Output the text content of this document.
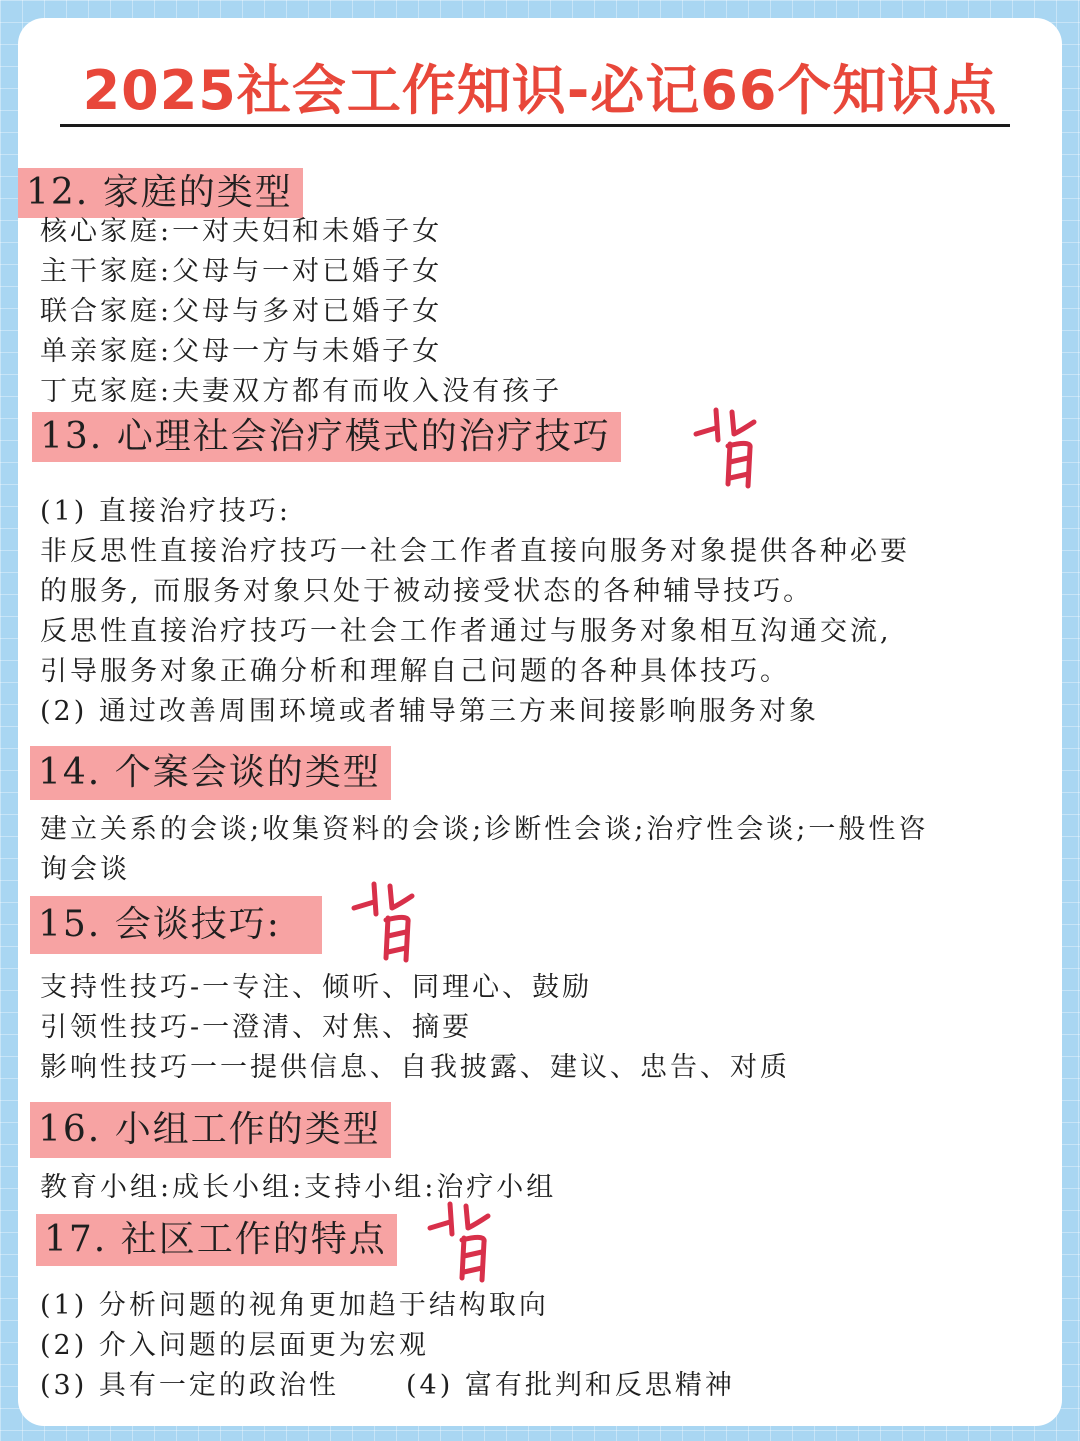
2025社会工作知识-必记66个知识点
12. 家庭的类型
核心家庭:一对夫妇和未婚子女
主干家庭:父母与一对已婚子女
联合家庭:父母与多对已婚子女
单亲家庭:父母一方与未婚子女
丁克家庭:夫妻双方都有而收入没有孩子
13. 心理社会治疗模式的治疗技巧
背
(1) 直接治疗技巧:
非反思性直接治疗技巧一社会工作者直接向服务对象提供各种必要
的服务, 而服务对象只处于被动接受状态的各种辅导技巧。
反思性直接治疗技巧一社会工作者通过与服务对象相互沟通交流,
引导服务对象正确分析和理解自己问题的各种具体技巧。
(2) 通过改善周围环境或者辅导第三方来间接影响服务对象
14. 个案会谈的类型
建立关系的会谈;收集资料的会谈;诊断性会谈;治疗性会谈;一般性咨
询会谈
15. 会谈技巧:
支持性技巧-一专注、倾听、同理心、鼓励
引领性技巧-一澄清、对焦、摘要
影响性技巧一一提供信息、自我披露、建议、忠告、对质
16. 小组工作的类型
教育小组:成长小组:支持小组:治疗小组
17. 社区工作的特点
(1) 分析问题的视角更加趋于结构取向
(2) 介入问题的层面更为宏观
(3) 具有一定的政治性 (4) 富有批判和反思精神
